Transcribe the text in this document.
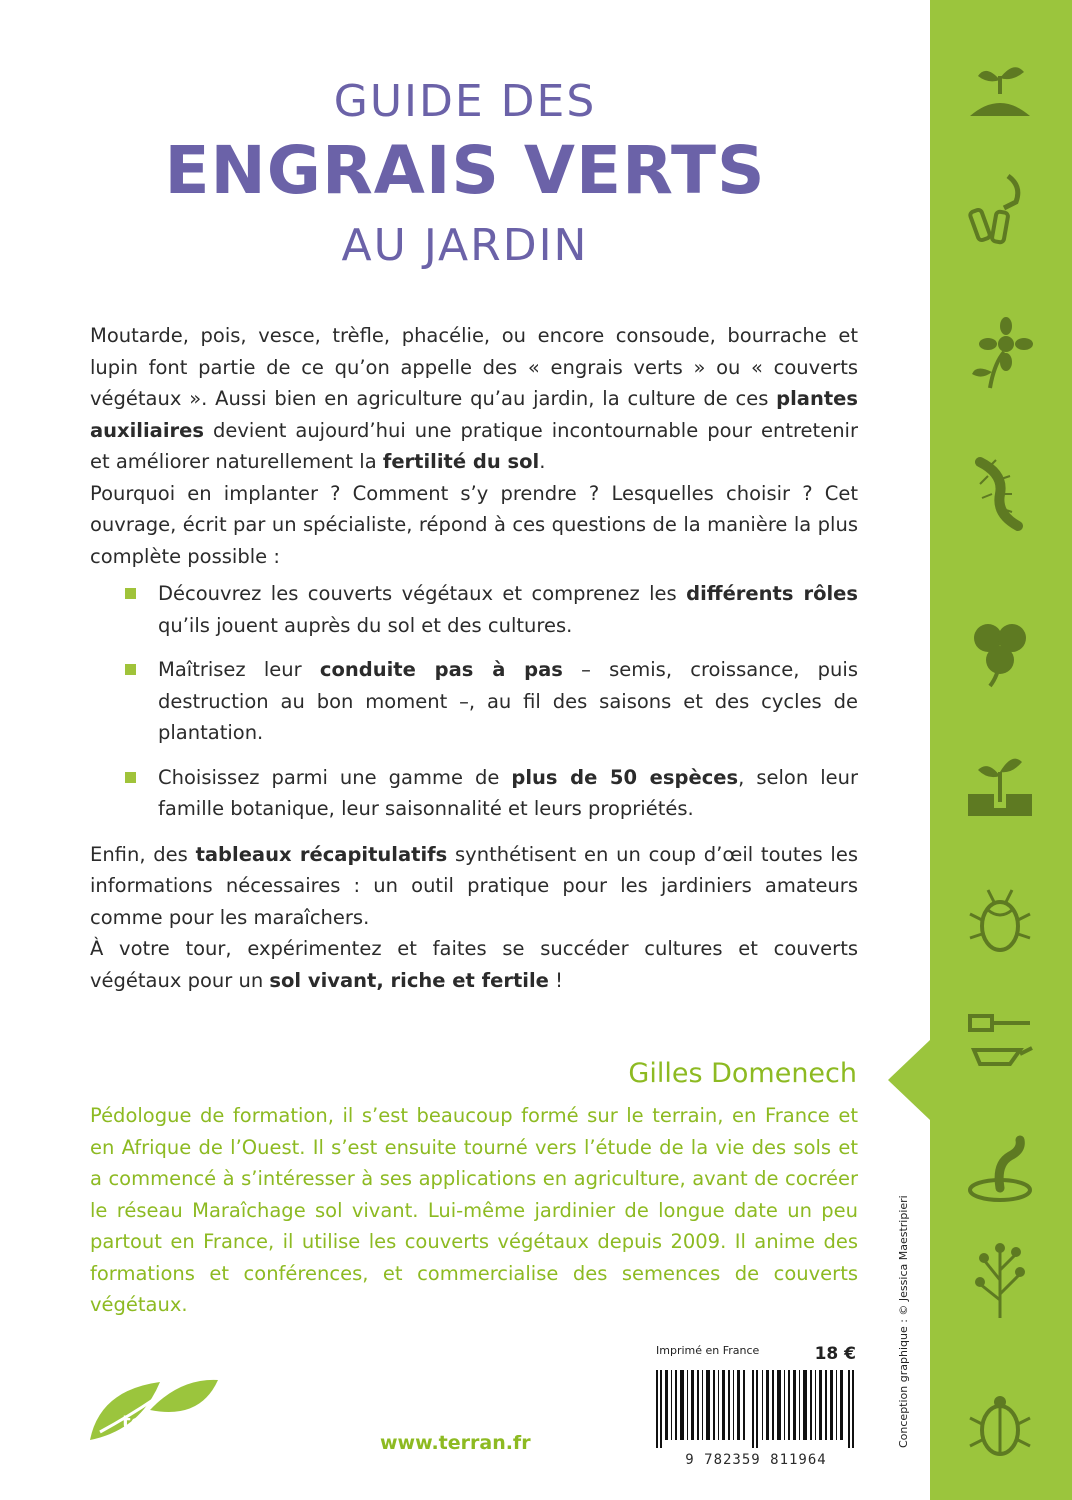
GUIDE DES
ENGRAIS VERTS
AU JARDIN

Moutarde, pois, vesce, trèfle, phacélie, ou encore consoude, bourrache et lupin font partie de ce qu’on appelle des « engrais verts » ou « couverts végétaux ». Aussi bien en agriculture qu’au jardin, la culture de ces plantes auxiliaires devient aujourd’hui une pratique incontournable pour entretenir et améliorer naturellement la fertilité du sol.

Pourquoi en implanter ? Comment s’y prendre ? Lesquelles choisir ? Cet ouvrage, écrit par un spécialiste, répond à ces questions de la manière la plus complète possible :

Découvrez les couverts végétaux et comprenez les différents rôles qu’ils jouent auprès du sol et des cultures.
Maîtrisez leur conduite pas à pas – semis, croissance, puis destruction au bon moment –, au fil des saisons et des cycles de plantation.
Choisissez parmi une gamme de plus de 50 espèces, selon leur famille botanique, leur saisonnalité et leurs propriétés.

Enfin, des tableaux récapitulatifs synthétisent en un coup d’œil toutes les informations nécessaires : un outil pratique pour les jardiniers amateurs comme pour les maraîchers.

À votre tour, expérimentez et faites se succéder cultures et couverts végétaux pour un sol vivant, riche et fertile !

Gilles Domenech
Pédologue de formation, il s’est beaucoup formé sur le terrain, en France et en Afrique de l’Ouest. Il s’est ensuite tourné vers l’étude de la vie des sols et a commencé à s’intéresser à ses applications en agriculture, avant de cocréer le réseau Maraîchage sol vivant. Lui-même jardinier de longue date un peu partout en France, il utilise les couverts végétaux depuis 2009. Il anime des formations et conférences, et commercialise des semences de couverts végétaux.	Conception graphique : © Jessica Maestripieri
Imprimé en France	18 €
9 782359 811964
terran
www.terran.fr
